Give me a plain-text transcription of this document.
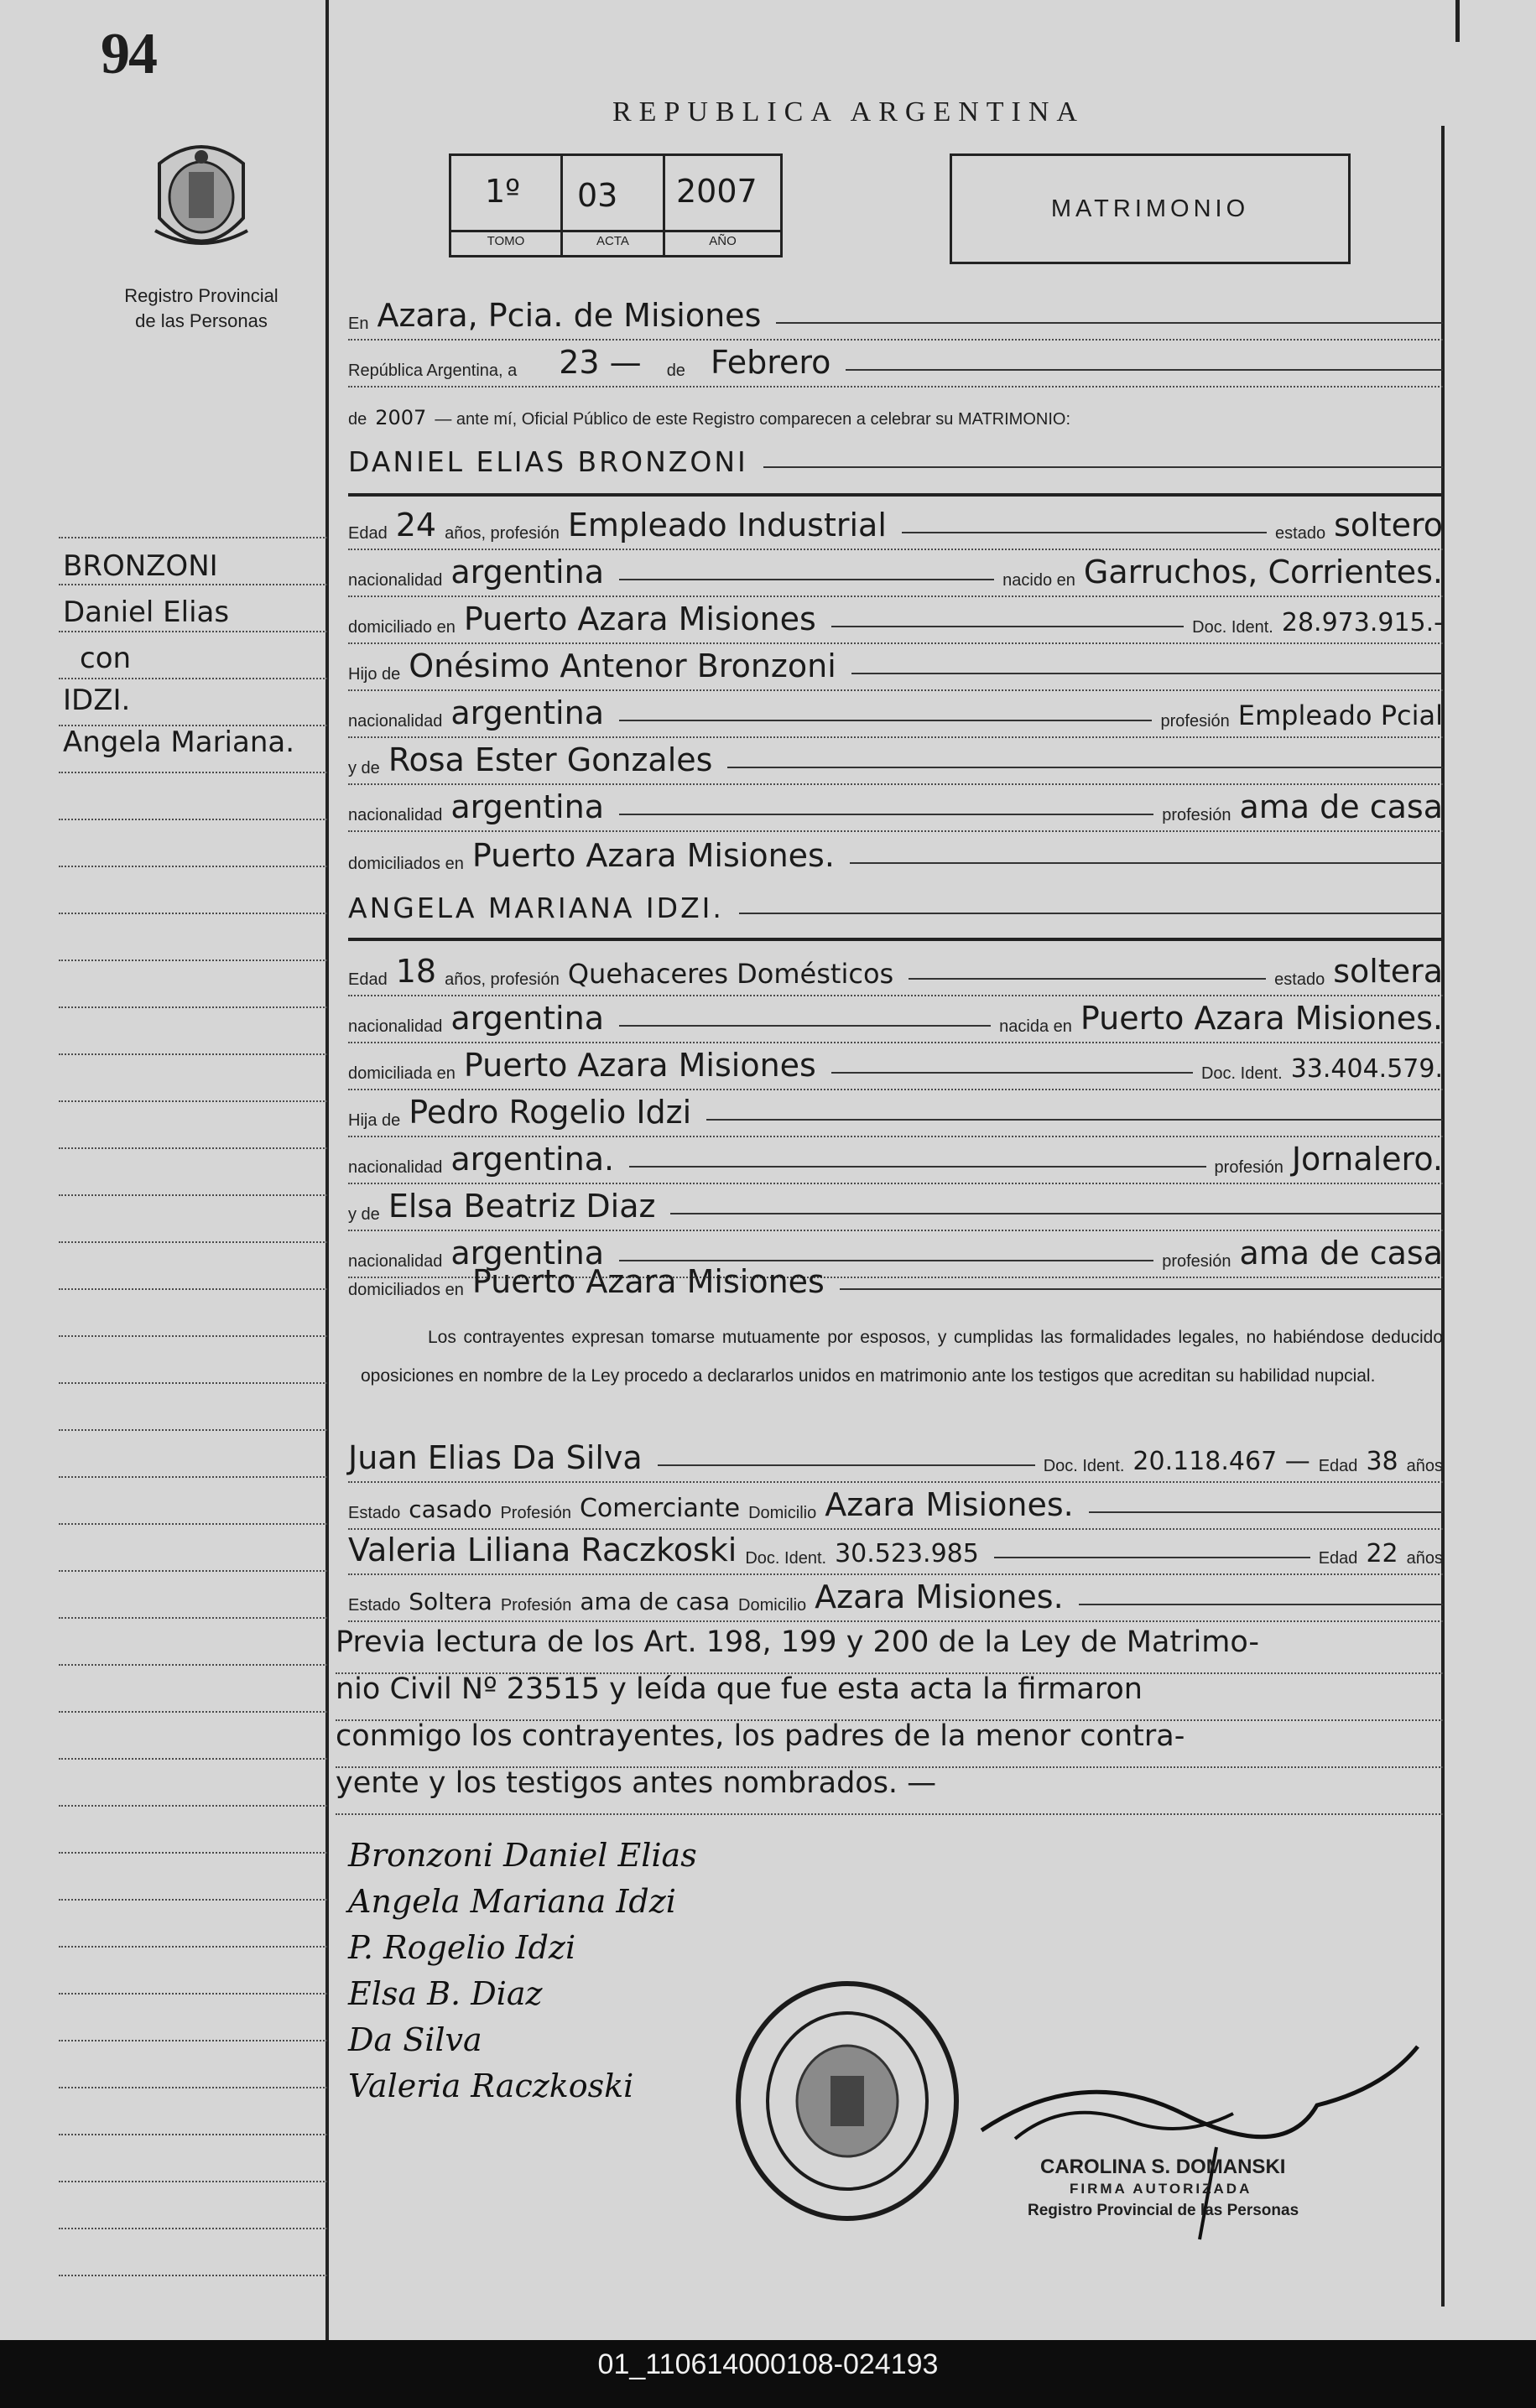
94
Registro Provincial
de las Personas
REPUBLICA ARGENTINA
1º 03 2007
TOMO	ACTA	AÑO
MATRIMONIO
En Azara, Pcia. de Misiones
República Argentina, a 23 — de Febrero
de 2007 — ante mí, Oficial Público de este Registro comparecen a celebrar su MATRIMONIO:
DANIEL ELIAS BRONZONI
Edad 24 años, profesión Empleado Industrial	estado soltero
nacionalidad argentina	nacido en Garruchos, Corrientes.
domiciliado en Puerto Azara Misiones	Doc. Ident. 28.973.915.-
Hijo de Onésimo Antenor Bronzoni
nacionalidad argentina	profesión Empleado Pcial
y de Rosa Ester Gonzales
nacionalidad argentina	profesión ama de casa
domiciliados en Puerto Azara Misiones.
ANGELA MARIANA IDZI.
Edad 18 años, profesión Quehaceres Domésticos	estado soltera
nacionalidad argentina	nacida en Puerto Azara Misiones.
domiciliada en Puerto Azara Misiones	Doc. Ident. 33.404.579.
Hija de Pedro Rogelio Idzi
nacionalidad argentina.	profesión Jornalero.
y de Elsa Beatriz Diaz
nacionalidad argentina	profesión ama de casa
domiciliados en Puerto Azara Misiones
Los contrayentes expresan tomarse mutuamente por esposos, y cumplidas las formalidades legales, no habiéndose deducido oposiciones en nombre de la Ley procedo a declararlos unidos en matrimonio ante los testigos que acreditan su habilidad nupcial.
Juan Elias Da Silva	Doc. Ident. 20.118.467 — Edad 38 años
Estado casado Profesión Comerciante Domicilio Azara Misiones.
Valeria Liliana Raczkoski Doc. Ident. 30.523.985	Edad 22 años
Estado Soltera Profesión ama de casa Domicilio Azara Misiones.
Previa lectura de los Art. 198, 199 y 200 de la Ley de Matrimo-
nio Civil Nº 23515 y leída que fue esta acta la firmaron
conmigo los contrayentes, los padres de la menor contra-
yente y los testigos antes nombrados. —
Bronzoni Daniel Elias
Angela Mariana Idzi
P. Rogelio Idzi
Elsa B. Diaz
Da Silva
Valeria Raczkoski
CAROLINA S. DOMANSKI
FIRMA AUTORIZADA
Registro Provincial de las Personas
BRONZONI
Daniel Elias
con
IDZI.
Angela Mariana.
01_110614000108-024193
